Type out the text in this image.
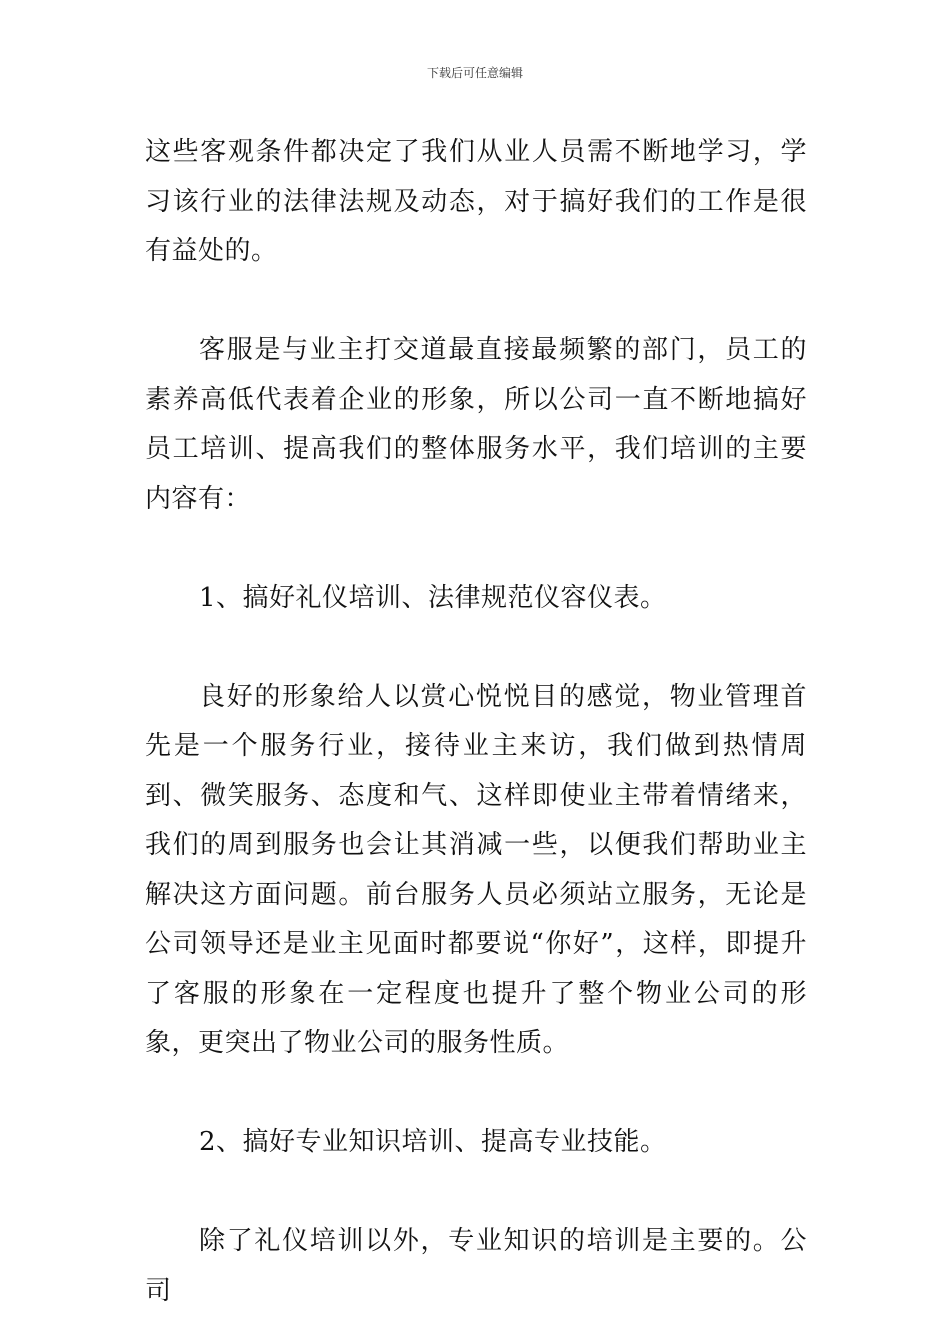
下载后可任意编辑

这些客观条件都决定了我们从业人员需不断地学习，学习该行业的法律法规及动态，对于搞好我们的工作是很有益处的。

客服是与业主打交道最直接最频繁的部门，员工的素养高低代表着企业的形象，所以公司一直不断地搞好员工培训、提高我们的整体服务水平，我们培训的主要内容有：

1、搞好礼仪培训、法律规范仪容仪表。

良好的形象给人以赏心悦悦目的感觉，物业管理首先是一个服务行业，接待业主来访，我们做到热情周到、微笑服务、态度和气、这样即使业主带着情绪来，我们的周到服务也会让其消减一些，以便我们帮助业主解决这方面问题。前台服务人员必须站立服务，无论是公司领导还是业主见面时都要说“你好”，这样，即提升了客服的形象在一定程度也提升了整个物业公司的形象，更突出了物业公司的服务性质。

2、搞好专业知识培训、提高专业技能。

除了礼仪培训以外，专业知识的培训是主要的。公司
